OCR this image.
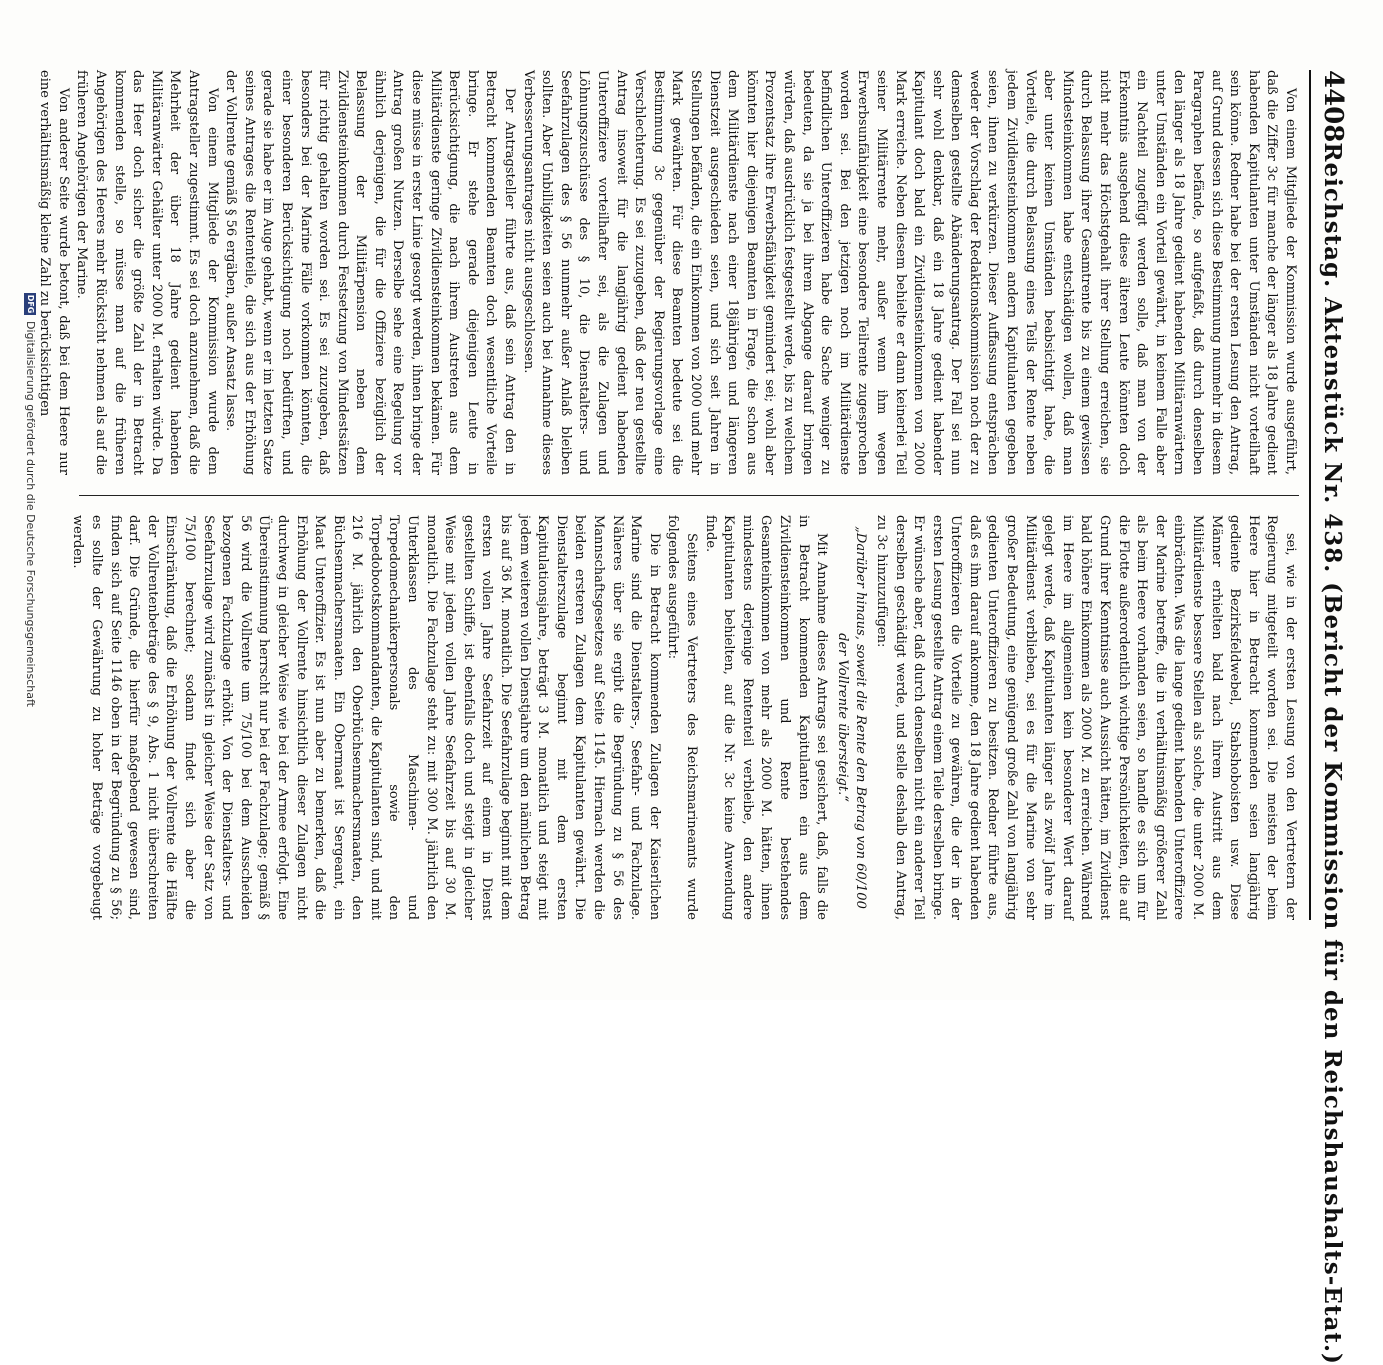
4408
Reichstag. Aktenstück Nr. 438. (Bericht der Kommission für den Reichshaushalts-Etat.)

Von einem Mitgliede der Kommission wurde ausgeführt, daß die Ziffer 3c für manche der länger als 18 Jahre gedient habenden Kapitulanten unter Umständen nicht vorteilhaft sein könne. Redner habe bei der ersten Lesung den Antrag, auf Grund dessen sich diese Bestimmung nunmehr in diesem Paragraphen befände, so aufgefaßt, daß durch denselben den länger als 18 Jahre gedient habenden Militäranwärtern unter Umständen ein Vorteil gewährt, in keinem Falle aber ein Nachteil zugefügt werden solle, daß man von der Erkenntnis ausgehend diese älteren Leute könnten doch nicht mehr das Höchstgehalt ihrer Stellung erreichen, sie durch Belassung ihrer Gesamtrente bis zu einem gewissen Mindesteinkommen habe entschädigen wollen, daß man aber unter keinen Umständen beabsichtigt habe, die Vorteile, die durch Belassung eines Teils der Rente neben jedem Zivildiensteinkommen andern Kapitulanten gegeben seien, ihnen zu verkürzen. Dieser Auffassung entsprächen weder der Vorschlag der Redaktionskommission noch der zu demselben gestellte Abänderungsantrag. Der Fall sei nun sehr wohl denkbar, daß ein 18 Jahre gedient habender Kapitulant doch bald ein Zivildiensteinkommen von 2000 Mark erreiche. Neben diesem behielte er dann keinerlei Teil seiner Militärrente mehr, außer wenn ihm wegen Erwerbsunfähigkeit eine besondere Teilrente zugesprochen worden sei. Bei den jetzigen noch im Militärdienste befindlichen Unteroffizieren habe die Sache weniger zu bedeuten, da sie ja bei ihrem Abgange darauf bringen würden, daß ausdrücklich festgestellt werde, bis zu welchem Prozentsatz ihre Erwerbsfähigkeit gemindert sei; wohl aber könnten hier diejenigen Beamten in Frage, die schon aus dem Militärdienste nach einer 18jährigen und längeren Dienstzeit ausgeschieden seien, und sich seit Jahren in Stellungen befänden, die ein Einkommen von 2000 und mehr Mark gewährten. Für diese Beamten bedeute sei die Bestimmung 3c gegenüber der Regierungsvorlage eine Verschlechterung. Es sei zuzugeben, daß der neu gestellte Antrag insoweit für die langjährig gedient habenden Unteroffiziere vorteilhafter sei, als die Zulagen und Löhnungszuschüsse des § 10, die Dienstalters- und Seefahrzulagen des § 56 nunmehr außer Anlaß bleiben sollten. Aber Unbilligkeiten seien auch bei Annahme dieses Verbesserungsantrages nicht ausgeschlossen.

Der Antragsteller führte aus, daß sein Antrag den in Betracht kommenden Beamten doch wesentliche Vorteile bringe. Er stehe gerade diejenigen Leute in Berücksichtigung, die nach ihrem Austreten aus dem Militärdienste geringe Zivildiensteinkommen bekämen. Für diese müsse in erster Linie gesorgt werden, ihnen bringe der Antrag großen Nutzen. Derselbe sehe eine Regelung vor ähnlich derjenigen, die für die Offiziere bezüglich der Belassung der Militärpension neben dem Zivildiensteinkommen durch Festsetzung von Mindestsätzen für richtig gehalten worden sei. Es sei zuzugeben, daß besonders bei der Marine Fälle vorkommen könnten, die einer besonderen Berücksichtigung noch bedürften, und gerade sie habe er im Auge gehabt, wenn er im letzten Satze seines Antrages die Rententeile, die sich aus der Erhöhung der Vollrente gemäß § 56 ergäben, außer Ansatz lasse.

Von einem Mitgliede der Kommission wurde dem Antragsteller zugestimmt. Es sei doch anzunehmen, daß die Mehrheit der über 18 Jahre gedient habenden Militäranwärter Gehälter unter 2000 M. erhalten würde. Da das Heer doch sicher die größte Zahl der in Betracht kommenden stelle, so müsse man auf die früheren Angehörigen des Heeres mehr Rücksicht nehmen als auf die früheren Angehörigen der Marine.

Von anderer Seite wurde betont, daß bei dem Heere nur eine verhältnismäßig kleine Zahl zu berücksichtigen

sei, wie in der ersten Lesung von den Vertretern der Regierung mitgeteilt worden sei. Die meisten der beim Heere hier in Betracht kommenden seien langjährig gediente Bezirksfeldwebel, Stabshoboisten usw. Diese Männer erhielten bald nach ihrem Austritt aus dem Militärdienste bessere Stellen als solche, die unter 2000 M. einbrächten. Was die lange gedient habenden Unteroffiziere der Marine betreffe, die in verhältnismäßig größerer Zahl als beim Heere vorhanden seien, so handle es sich um für die Flotte außerordentlich wichtige Persönlichkeiten, die auf Grund ihrer Kenntnisse auch Aussicht hätten, im Zivildienst bald höhere Einkommen als 2000 M. zu erreichen. Während im Heere im allgemeinen kein besonderer Wert darauf gelegt werde, daß Kapitulanten länger als zwölf Jahre im Militärdienst verblieben, sei es für die Marine von sehr großer Bedeutung, eine genügend große Zahl von langjährig gedienten Unteroffizieren zu besitzen. Redner führte aus, daß es ihm darauf ankomme, den 18 Jahre gedient habenden Unteroffizieren die Vorteile zu gewähren, die der in der ersten Lesung gestellte Antrag einem Teile derselben bringe. Er wünsche aber, daß durch denselben nicht ein anderer Teil derselben geschädigt werde, und stelle deshalb den Antrag, zu 3c hinzuzufügen:

„Darüber hinaus, soweit die Rente den Betrag von 60/100 der Vollrente übersteigt.“

Mit Annahme dieses Antrags sei gesichert, daß, falls die in Betracht kommenden Kapitulanten ein aus dem Zivildiensteinkommen und Rente bestehendes Gesamteinkommen von mehr als 2000 M. hätten, ihnen mindestens derjenige Rententeil verbleibe, den andere Kapitulanten behielten, auf die Nr. 3c keine Anwendung finde.

Seitens eines Vertreters des Reichsmarineamts wurde folgendes ausgeführt:

Die in Betracht kommenden Zulagen der Kaiserlichen Marine sind die Dienstalters-, Seefahr- und Fachzulage. Näheres über sie ergibt die Begründung zu § 56 des Mannschaftsgesetzes auf Seite 1145. Hiernach werden die beiden ersteren Zulagen dem Kapitulanten gewährt. Die Dienstalterszulage beginnt mit dem ersten Kapitulationsjahre, beträgt 3 M. monatlich und steigt mit jedem weiteren vollen Dienstjahre um den nämlichen Betrag bis auf 36 M. monatlich. Die Seefahrzulage beginnt mit dem ersten vollen Jahre Seefahrzeit auf einem in Dienst gestellten Schiffe, ist ebenfalls doch und steigt in gleicher Weise mit jedem vollen Jahre Seefahrzeit bis auf 30 M. monatlich. Die Fachzulage steht zu: mit 300 M. jährlich den Unterklassen des Maschinen- und Torpedomechanikerpersonals sowie den Torpedobootskommandanten, die Kapitulanten sind, und mit 216 M. jährlich den Oberbüchsenmachersmaaten, den Büchsenmachersmaaten. Ein Obermaat ist Sergeant, ein Maat Unteroffizier. Es ist nun aber zu bemerken, daß die Erhöhung der Vollrente hinsichtlich dieser Zulagen nicht durchweg in gleicher Weise wie bei der Armee erfolgt. Eine Übereinstimmung herrscht nur bei der Fachzulage; gemäß § 56 wird die Vollrente um 75/100 bei dem Ausscheiden bezogenen Fachzulage erhöht. Von der Dienstalters- und Seefahrzulage wird zunächst in gleicher Weise der Satz von 75/100 berechnet; sodann findet sich aber die Einschränkung, daß die Erhöhung der Vollrente die Hälfte der Vollrentenbeträge des § 9, Abs. 1 nicht überschreiten darf. Die Gründe, die hierfür maßgebend gewesen sind, finden sich auf Seite 1146 oben in der Begründung zu § 56; es sollte der Gewährung zu hoher Beträge vorgebeugt werden.

DFGDigitalisierung gefördert durch die Deutsche Forschungsgemeinschaft
